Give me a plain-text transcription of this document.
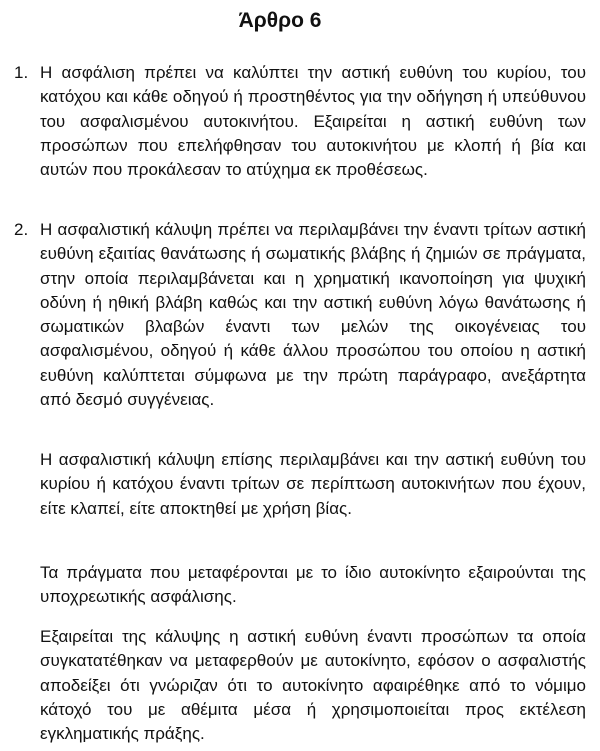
Άρθρο 6
1. Η ασφάλιση πρέπει να καλύπτει την αστική ευθύνη του κυρίου, του κατόχου και κάθε οδηγού ή προστηθέντος για την οδήγηση ή υπεύθυνου του ασφαλισμένου αυτοκινήτου. Εξαιρείται η αστική ευθύνη των προσώπων που επελήφθησαν του αυτοκινήτου με κλοπή ή βία και αυτών που προκάλεσαν το ατύχημα εκ προθέσεως.
2. Η ασφαλιστική κάλυψη πρέπει να περιλαμβάνει την έναντι τρίτων αστική ευθύνη εξαιτίας θανάτωσης ή σωματικής βλάβης ή ζημιών σε πράγματα, στην οποία περιλαμβάνεται και η χρηματική ικανοποίηση για ψυχική οδύνη ή ηθική βλάβη καθώς και την αστική ευθύνη λόγω θανάτωσης ή σωματικών βλαβών έναντι των μελών της οικογένειας του ασφαλισμένου, οδηγού ή κάθε άλλου προσώπου του οποίου η αστική ευθύνη καλύπτεται σύμφωνα με την πρώτη παράγραφο, ανεξάρτητα από δεσμό συγγένειας.
Η ασφαλιστική κάλυψη επίσης περιλαμβάνει και την αστική ευθύνη του κυρίου ή κατόχου έναντι τρίτων σε περίπτωση αυτοκινήτων που έχουν, είτε κλαπεί, είτε αποκτηθεί με χρήση βίας.
Τα πράγματα που μεταφέρονται με το ίδιο αυτοκίνητο εξαιρούνται της υποχρεωτικής ασφάλισης.
Εξαιρείται της κάλυψης η αστική ευθύνη έναντι προσώπων τα οποία συγκατατέθηκαν να μεταφερθούν με αυτοκίνητο, εφόσον ο ασφαλιστής αποδείξει ότι γνώριζαν ότι το αυτοκίνητο αφαιρέθηκε από το νόμιμο κάτοχό του με αθέμιτα μέσα ή χρησιμοποιείται προς εκτέλεση εγκληματικής πράξης.
